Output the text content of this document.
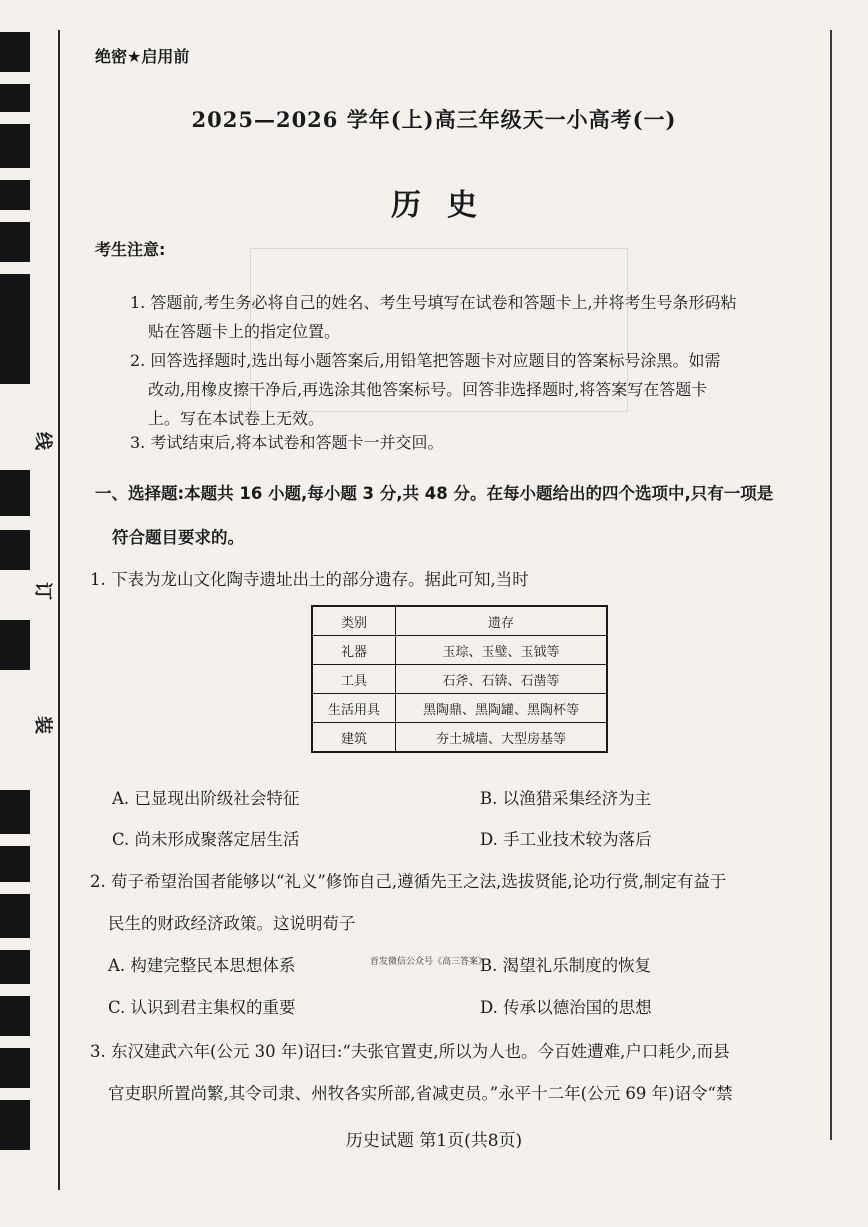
线
订
装
绝密★启用前
2025—2026 学年(上)高三年级天一小高考(一)
历史
考生注意:
1. 答题前,考生务必将自己的姓名、考生号填写在试卷和答题卡上,并将考生号条形码粘
贴在答题卡上的指定位置。
2. 回答选择题时,选出每小题答案后,用铅笔把答题卡对应题目的答案标号涂黑。如需
改动,用橡皮擦干净后,再选涂其他答案标号。回答非选择题时,将答案写在答题卡
上。写在本试卷上无效。
3. 考试结束后,将本试卷和答题卡一并交回。
一、选择题:本题共 16 小题,每小题 3 分,共 48 分。在每小题给出的四个选项中,只有一项是
符合题目要求的。
1. 下表为龙山文化陶寺遗址出土的部分遗存。据此可知,当时
类别	遗存
礼器	玉琮、玉璧、玉钺等
工具	石斧、石锛、石凿等
生活用具	黑陶鼎、黑陶罐、黑陶杯等
建筑	夯土城墙、大型房基等
A. 已显现出阶级社会特征	B. 以渔猎采集经济为主
C. 尚未形成聚落定居生活	D. 手工业技术较为落后
2. 荀子希望治国者能够以“礼义”修饰自己,遵循先王之法,选拔贤能,论功行赏,制定有益于
民生的财政经济政策。这说明荀子
A. 构建完整民本思想体系	首发微信公众号《高三答案》
B. 渴望礼乐制度的恢复
C. 认识到君主集权的重要	D. 传承以德治国的思想
3. 东汉建武六年(公元 30 年)诏曰:“夫张官置吏,所以为人也。今百姓遭难,户口耗少,而县
官吏职所置尚繁,其令司隶、州牧各实所部,省减吏员。”永平十二年(公元 69 年)诏令“禁
历史试题 第1页(共8页)
